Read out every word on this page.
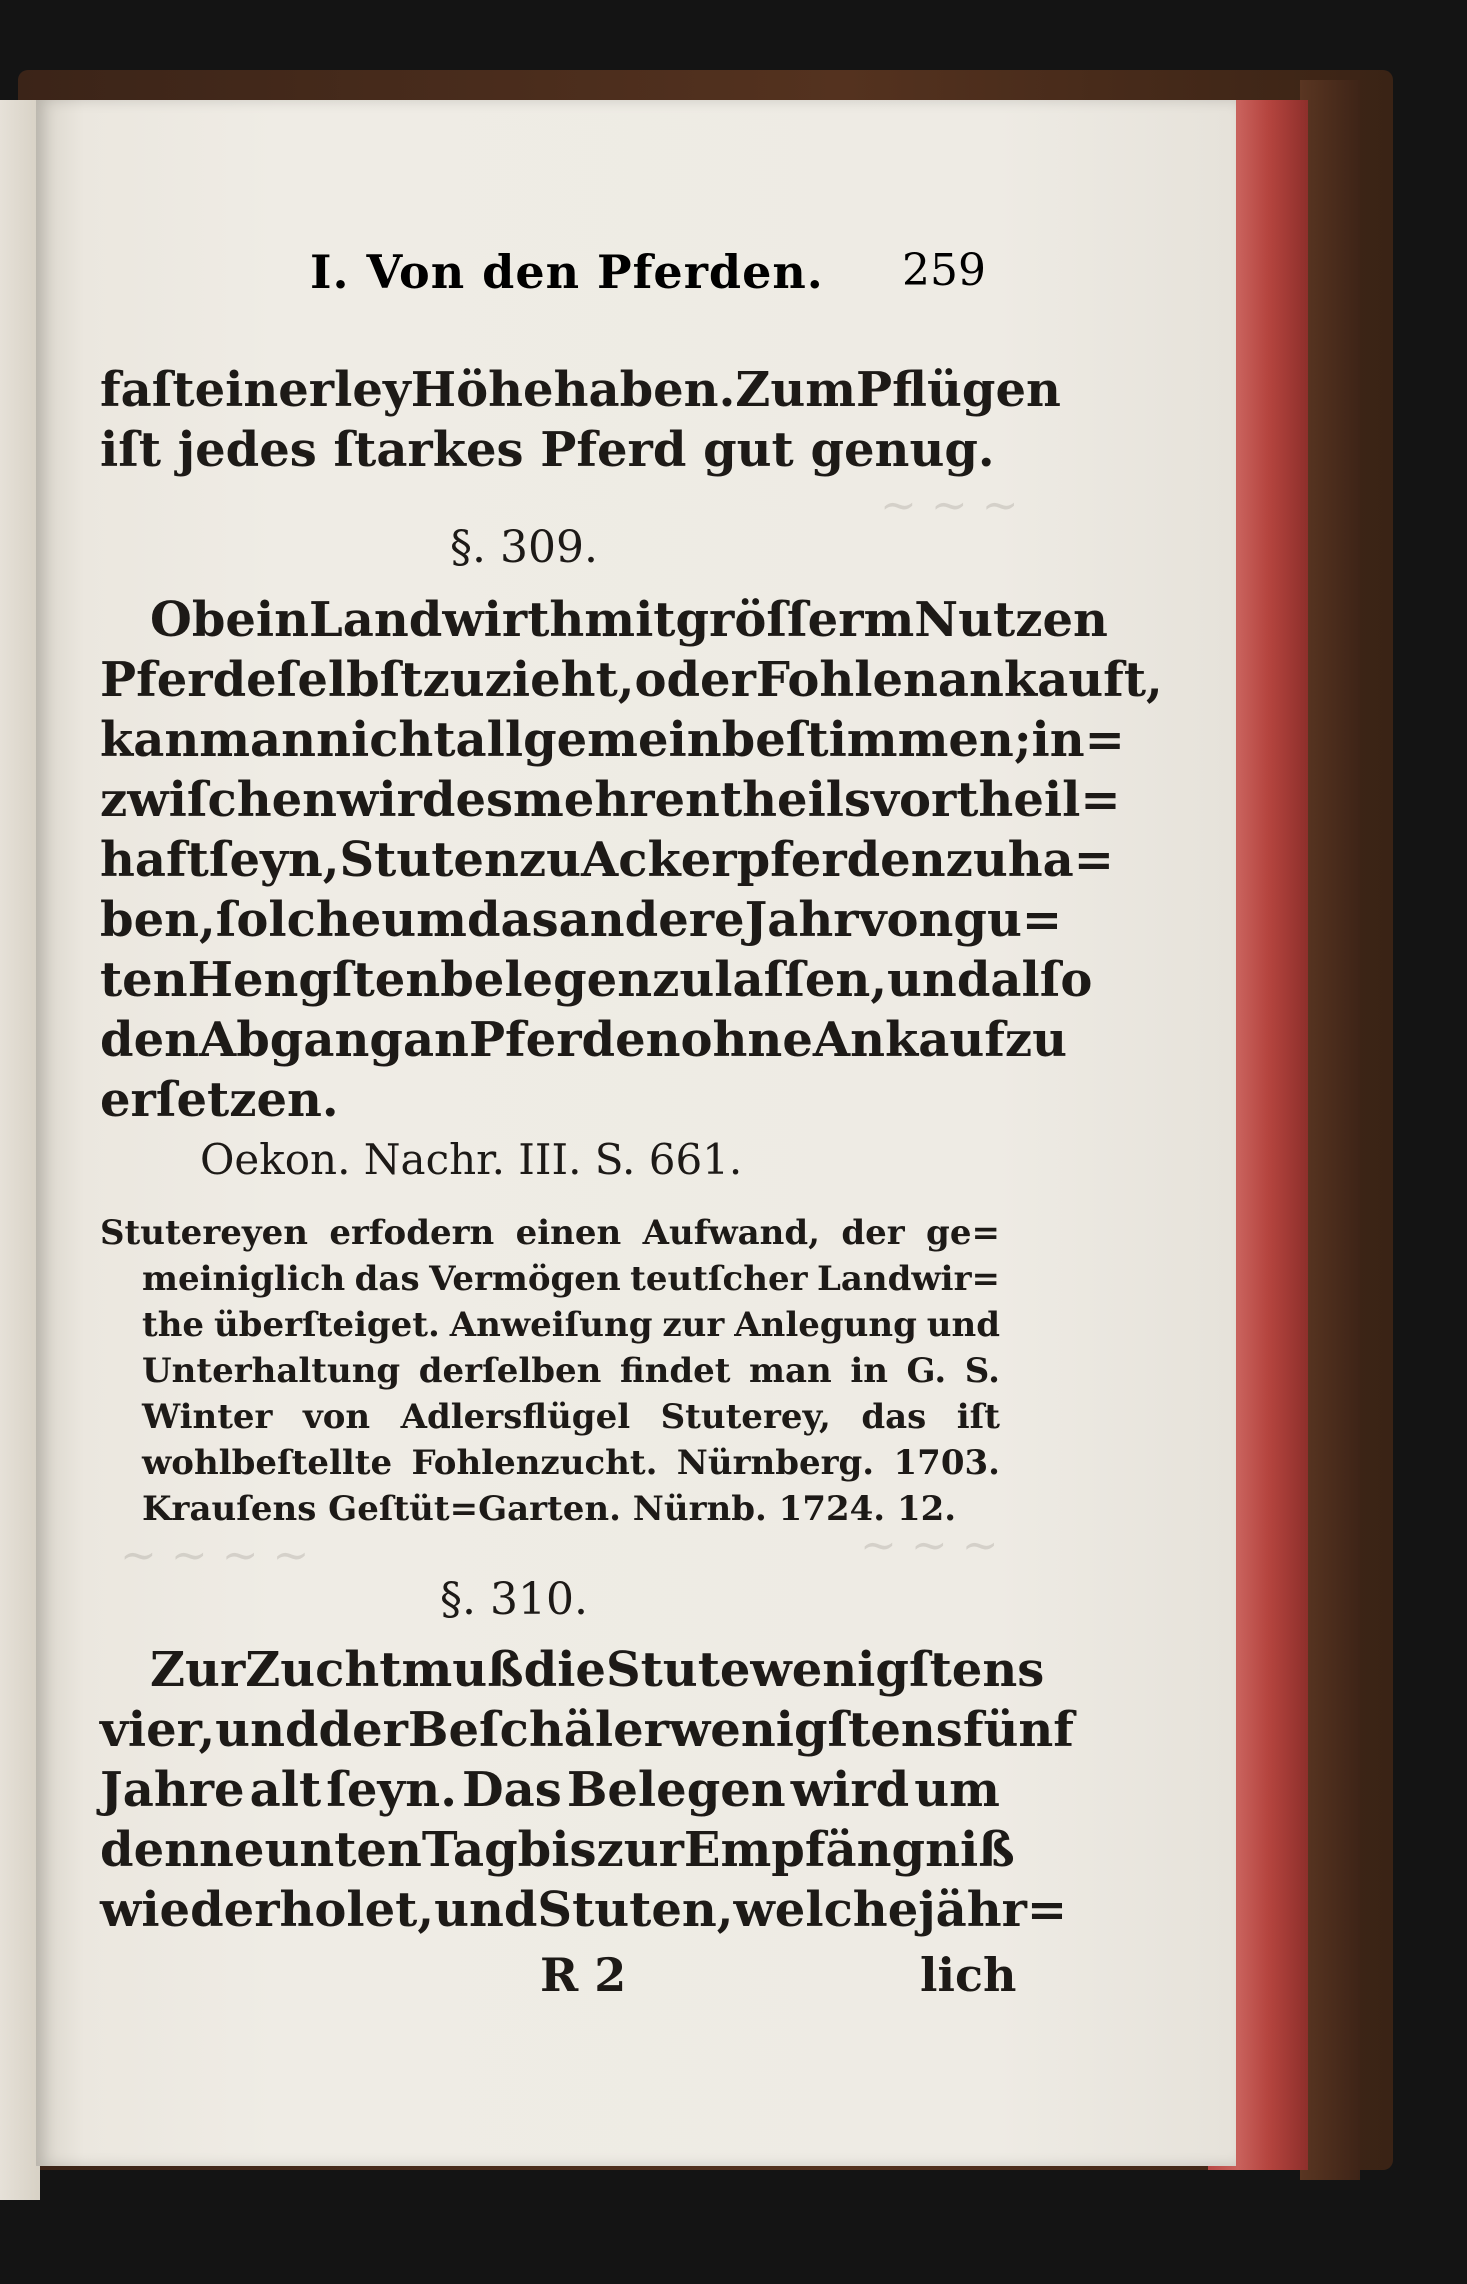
~ ~ ~
~ ~ ~ ~	~ ~ ~
I. Von den Pferden. 259
faſt einerley Höhe haben. Zum Pflügen
iſt jedes ſtarkes Pferd gut genug.
§. 309.
Ob ein Landwirth mit gröſſerm Nutzen
Pferde ſelbſt zuzieht, oder Fohlen ankauft,
kan man nicht allgemein beſtimmen; in=
zwiſchen wird es mehrentheils vortheil=
haft ſeyn, Stuten zu Ackerpferden zu ha=
ben, ſolche um das andere Jahr von gu=
ten Hengſten belegen zu laſſen, und alſo
den Abgang an Pferden ohne Ankauf zu
erſetzen.
Oekon. Nachr. III. S. 661.
Stutereyen erfodern einen Aufwand, der ge=
meiniglich das Vermögen teutſcher Landwir=
the überſteiget. Anweiſung zur Anlegung und
Unterhaltung derſelben findet man in G. S.
Winter von Adlersflügel Stuterey, das iſt
wohlbeſtellte Fohlenzucht. Nürnberg. 1703.
Krauſens Geſtüt=Garten. Nürnb. 1724. 12.
§. 310.
Zur Zucht muß die Stute wenigſtens
vier, und der Beſchäler wenigſtens fünf
Jahre alt ſeyn. Das Belegen wird um
den neunten Tag bis zur Empfängniß
wiederholet, und Stuten, welche jähr=
R 2	lich
